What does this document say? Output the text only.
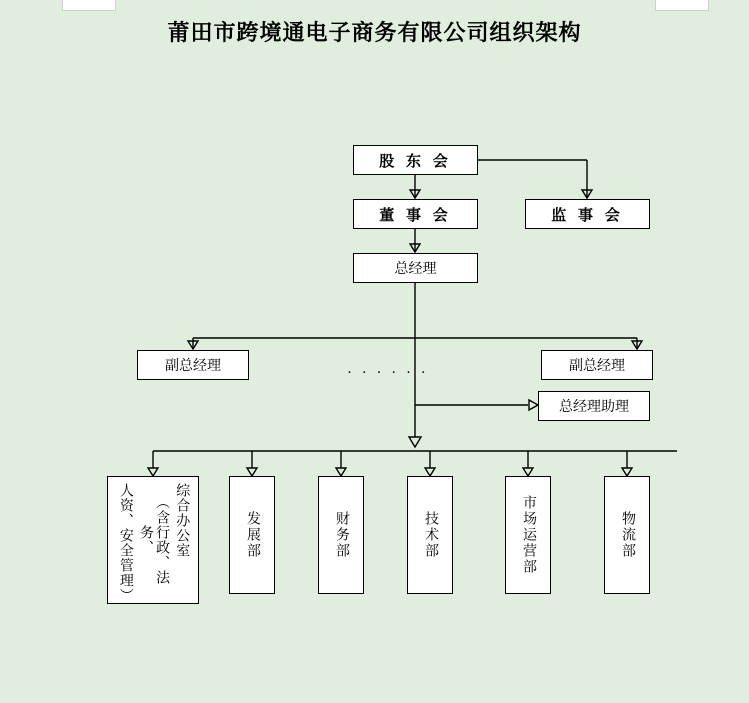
莆田市跨境通电子商务有限公司组织架构
股 东 会
董 事 会	监 事 会
总经理
副总经理	副总经理
总经理助理
· · · · · ·
综合办公室
（含行政、法务、
人资、安全管理）	发展部	财务部	技术部	市场运营部	物流部
